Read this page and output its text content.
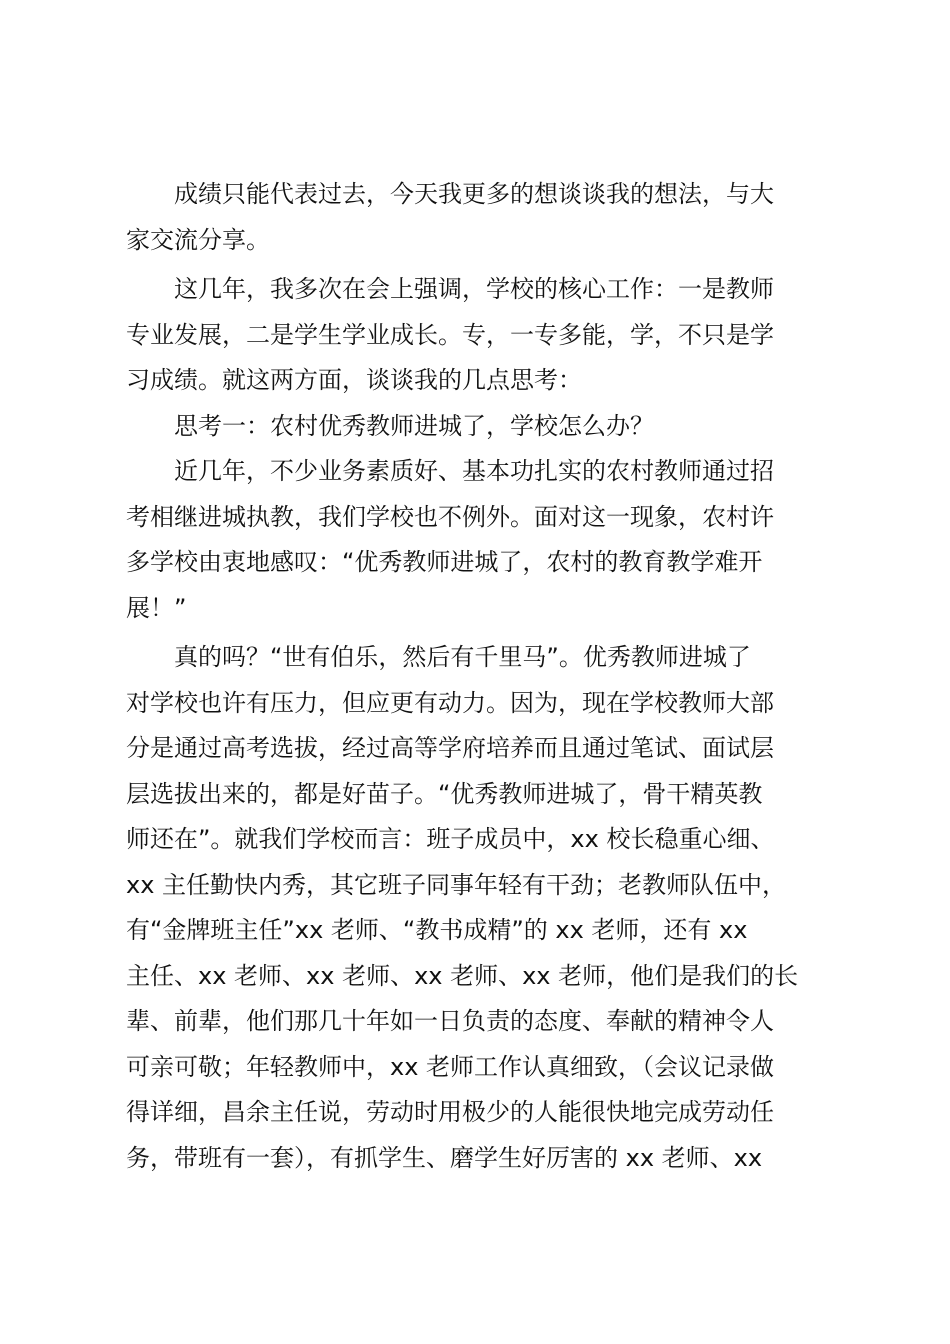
　　成绩只能代表过去，今天我更多的想谈谈我的想法，与大
家交流分享。
　　这几年，我多次在会上强调，学校的核心工作：一是教师
专业发展，二是学生学业成长。专，一专多能，学，不只是学
习成绩。就这两方面，谈谈我的几点思考：
　　思考一：农村优秀教师进城了，学校怎么办？
　　近几年，不少业务素质好、基本功扎实的农村教师通过招
考相继进城执教，我们学校也不例外。面对这一现象，农村许
多学校由衷地感叹：“优秀教师进城了，农村的教育教学难开
展！”
　　真的吗？“世有伯乐，然后有千里马”。优秀教师进城了
对学校也许有压力，但应更有动力。因为，现在学校教师大部
分是通过高考选拔，经过高等学府培养而且通过笔试、面试层
层选拔出来的，都是好苗子。“优秀教师进城了，骨干精英教
师还在”。就我们学校而言：班子成员中，xx 校长稳重心细、
xx 主任勤快内秀，其它班子同事年轻有干劲；老教师队伍中，
有“金牌班主任”xx 老师、“教书成精”的 xx 老师，还有 xx
主任、xx 老师、xx 老师、xx 老师、xx 老师，他们是我们的长
辈、前辈，他们那几十年如一日负责的态度、奉献的精神令人
可亲可敬；年轻教师中，xx 老师工作认真细致，（会议记录做
得详细，昌余主任说，劳动时用极少的人能很快地完成劳动任
务，带班有一套），有抓学生、磨学生好厉害的 xx 老师、xx
